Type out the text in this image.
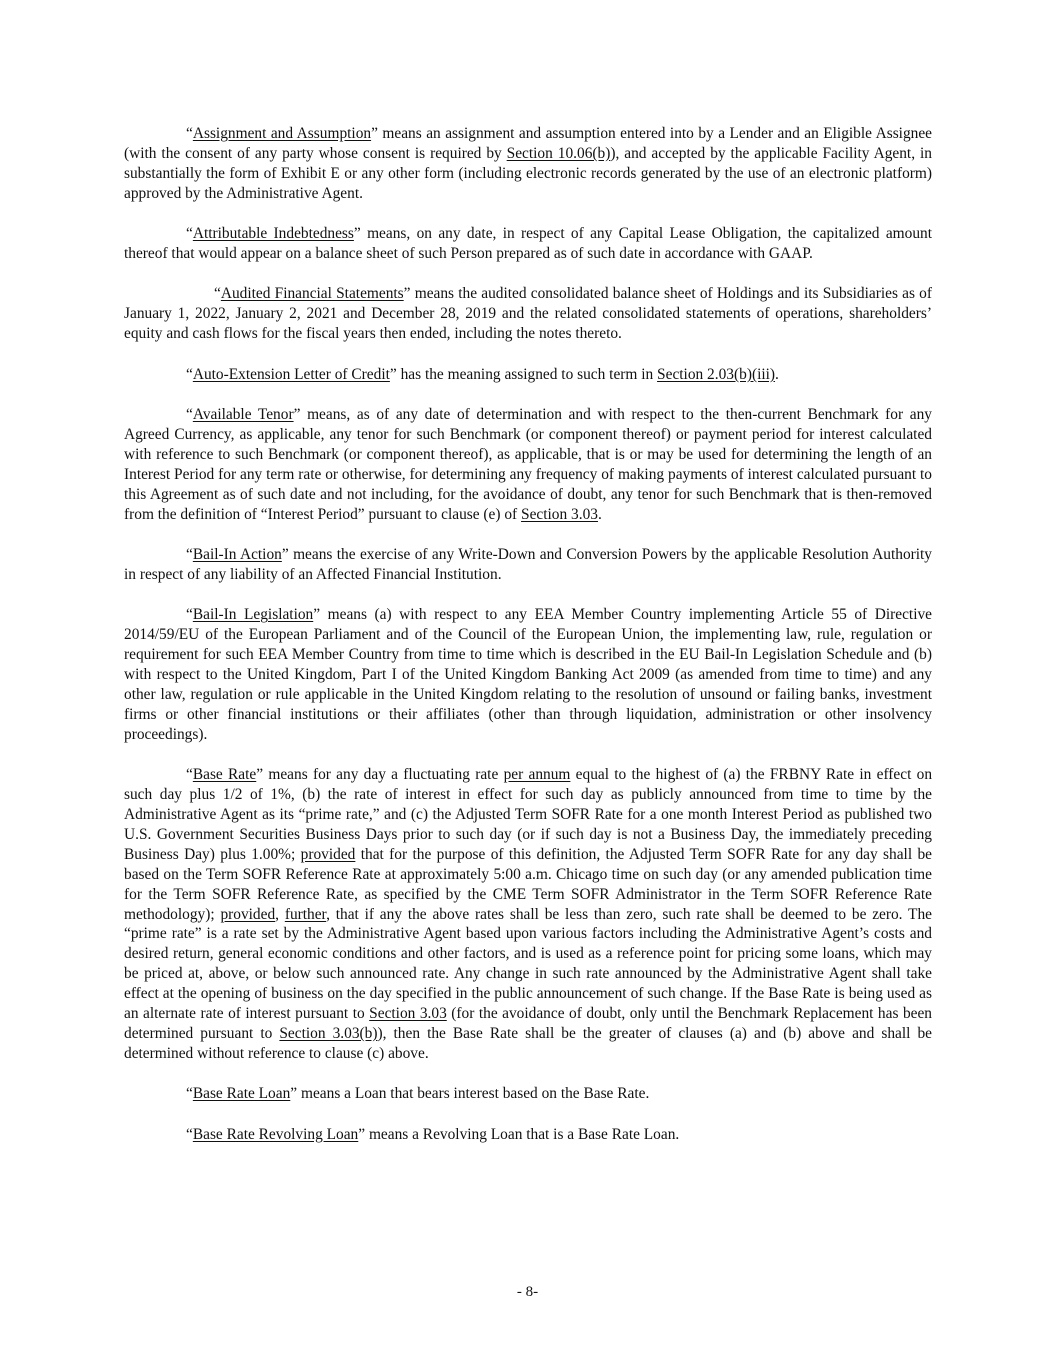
“Assignment and Assumption” means an assignment and assumption entered into by a Lender and an Eligible Assignee (with the consent of any party whose consent is required by Section 10.06(b)), and accepted by the applicable Facility Agent, in substantially the form of Exhibit E or any other form (including electronic records generated by the use of an electronic platform) approved by the Administrative Agent.

“Attributable Indebtedness” means, on any date, in respect of any Capital Lease Obligation, the capitalized amount thereof that would appear on a balance sheet of such Person prepared as of such date in accordance with GAAP.

“Audited Financial Statements” means the audited consolidated balance sheet of Holdings and its Subsidiaries as of January 1, 2022, January 2, 2021 and December 28, 2019 and the related consolidated statements of operations, shareholders’ equity and cash flows for the fiscal years then ended, including the notes thereto.

“Auto-Extension Letter of Credit” has the meaning assigned to such term in Section 2.03(b)(iii).

“Available Tenor” means, as of any date of determination and with respect to the then-current Benchmark for any Agreed Currency, as applicable, any tenor for such Benchmark (or component thereof) or payment period for interest calculated with reference to such Benchmark (or component thereof), as applicable, that is or may be used for determining the length of an Interest Period for any term rate or otherwise, for determining any frequency of making payments of interest calculated pursuant to this Agreement as of such date and not including, for the avoidance of doubt, any tenor for such Benchmark that is then-removed from the definition of “Interest Period” pursuant to clause (e) of Section 3.03.

“Bail-In Action” means the exercise of any Write-Down and Conversion Powers by the applicable Resolution Authority in respect of any liability of an Affected Financial Institution.

“Bail-In Legislation” means (a) with respect to any EEA Member Country implementing Article 55 of Directive 2014/59/EU of the European Parliament and of the Council of the European Union, the implementing law, rule, regulation or requirement for such EEA Member Country from time to time which is described in the EU Bail-In Legislation Schedule and (b) with respect to the United Kingdom, Part I of the United Kingdom Banking Act 2009 (as amended from time to time) and any other law, regulation or rule applicable in the United Kingdom relating to the resolution of unsound or failing banks, investment firms or other financial institutions or their affiliates (other than through liquidation, administration or other insolvency proceedings).

“Base Rate” means for any day a fluctuating rate per annum equal to the highest of (a) the FRBNY Rate in effect on such day plus 1/2 of 1%, (b) the rate of interest in effect for such day as publicly announced from time to time by the Administrative Agent as its “prime rate,” and (c) the Adjusted Term SOFR Rate for a one month Interest Period as published two U.S. Government Securities Business Days prior to such day (or if such day is not a Business Day, the immediately preceding Business Day) plus 1.00%; provided that for the purpose of this definition, the Adjusted Term SOFR Rate for any day shall be based on the Term SOFR Reference Rate at approximately 5:00 a.m. Chicago time on such day (or any amended publication time for the Term SOFR Reference Rate, as specified by the CME Term SOFR Administrator in the Term SOFR Reference Rate methodology); provided, further, that if any the above rates shall be less than zero, such rate shall be deemed to be zero. The “prime rate” is a rate set by the Administrative Agent based upon various factors including the Administrative Agent’s costs and desired return, general economic conditions and other factors, and is used as a reference point for pricing some loans, which may be priced at, above, or below such announced rate. Any change in such rate announced by the Administrative Agent shall take effect at the opening of business on the day specified in the public announcement of such change. If the Base Rate is being used as an alternate rate of interest pursuant to Section 3.03 (for the avoidance of doubt, only until the Benchmark Replacement has been determined pursuant to Section 3.03(b)), then the Base Rate shall be the greater of clauses (a) and (b) above and shall be determined without reference to clause (c) above.

“Base Rate Loan” means a Loan that bears interest based on the Base Rate.

“Base Rate Revolving Loan” means a Revolving Loan that is a Base Rate Loan.

- 8-
